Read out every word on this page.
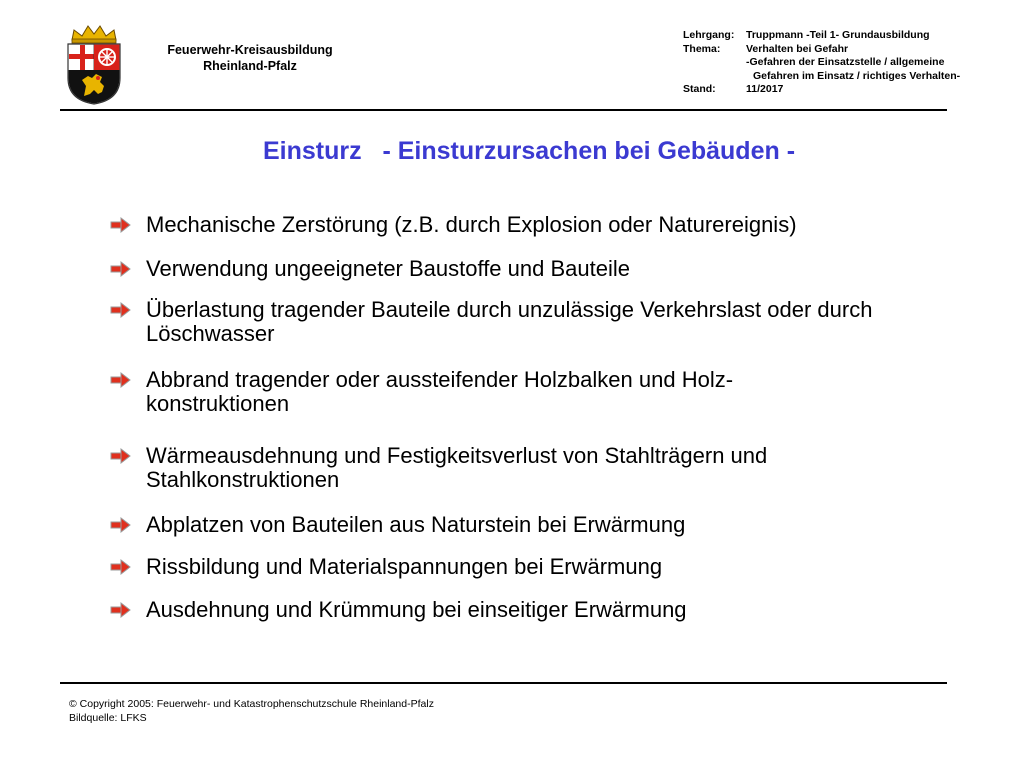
Feuerwehr-Kreisausbildung
Rheinland-Pfalz
Lehrgang:	Truppmann -Teil 1- Grundausbildung
Thema:	Verhalten bei Gefahr
-Gefahren der Einsatzstelle / allgemeine
Gefahren im Einsatz / richtiges Verhalten-
Stand:	11/2017
Einsturz   - Einsturzursachen bei Gebäuden -
Mechanische Zerstörung (z.B. durch Explosion oder Naturereignis)
Verwendung ungeeigneter Baustoffe und Bauteile
Überlastung tragender Bauteile durch unzulässige Verkehrslast oder durch Löschwasser
Abbrand tragender oder aussteifender Holzbalken und Holz-konstruktionen
Wärmeausdehnung und Festigkeitsverlust von Stahlträgern und Stahlkonstruktionen
Abplatzen von Bauteilen aus Naturstein bei Erwärmung
Rissbildung und Materialspannungen bei Erwärmung
Ausdehnung und Krümmung bei einseitiger Erwärmung
© Copyright 2005: Feuerwehr- und Katastrophenschutzschule Rheinland-Pfalz
Bildquelle: LFKS
